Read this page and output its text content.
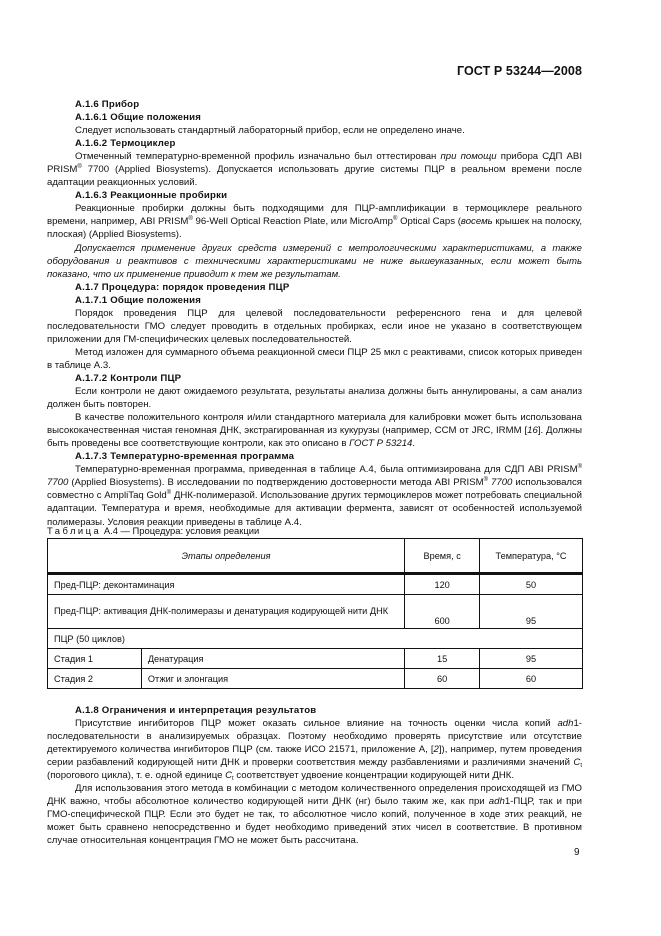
ГОСТ Р 53244—2008
А.1.6 Прибор
А.1.6.1 Общие положения

Следует использовать стандартный лабораторный прибор, если не определено иначе.

А.1.6.2 Термоциклер

Отмеченный температурно-временной профиль изначально был оттестирован при помощи прибора СДП ABI PRISM® 7700 (Applied Biosystems). Допускается использовать другие системы ПЦР в реальном времени после адаптации реакционных условий.

А.1.6.3 Реакционные пробирки

Реакционные пробирки должны быть подходящими для ПЦР-амплификации в термоциклере реального времени, например, ABI PRISM® 96-Well Optical Reaction Plate, или MicroAmp® Optical Caps (восемь крышек на полоску, плоская) (Applied Biosystems).

Допускается применение других средств измерений с метрологическими характеристиками, а также оборудования и реактивов с техническими характеристиками не ниже вышеуказанных, если может быть показано, что их применение приводит к тем же результатам.

А.1.7 Процедура: порядок проведения ПЦР
А.1.7.1 Общие положения

Порядок проведения ПЦР для целевой последовательности референсного гена и для целевой последовательности ГМО следует проводить в отдельных пробирках, если иное не указано в соответствующем приложении для ГМ-специфических целевых последовательностей.

Метод изложен для суммарного объема реакционной смеси ПЦР 25 мкл с реактивами, список которых приведен в таблице А.3.

А.1.7.2 Контроли ПЦР

Если контроли не дают ожидаемого результата, результаты анализа должны быть аннулированы, а сам анализ должен быть повторен.

В качестве положительного контроля и/или стандартного материала для калибровки может быть использована высококачественная чистая геномная ДНК, экстрагированная из кукурузы (например, ССМ от JRC, IRMM [16]. Должны быть проведены все соответствующие контроли, как это описано в ГОСТ Р 53214.

А.1.7.3 Температурно-временная программа

Температурно-временная программа, приведенная в таблице А.4, была оптимизирована для СДП ABI PRISM® 7700 (Applied Biosystems). В исследовании по подтверждению достоверности метода ABI PRISM® 7700 использовался совместно с AmpliTaq Gold® ДНК-полимеразой. Использование других термоциклеров может потребовать специальной адаптации. Температура и время, необходимые для активации фермента, зависят от особенностей используемой полимеразы. Условия реакции приведены в таблице А.4.

Таблица А.4 — Процедура: условия реакции
Этапы определения		Время, с	Температура, °С
Пред-ПЦР: деконтаминация		120	50
Пред-ПЦР: активация ДНК-полимеразы и денатурация кодирующей нити ДНК		600	95
ПЦР (50 циклов)			
Стадия 1	Денатурация	15	95
Стадия 2	Отжиг и элонгация	60	60
А.1.8 Ограничения и интерпретация результатов

Присутствие ингибиторов ПЦР может оказать сильное влияние на точность оценки числа копий adh1-последовательности в анализируемых образцах. Поэтому необходимо проверять присутствие или отсутствие детектируемого количества ингибиторов ПЦР (см. также ИСО 21571, приложение А, [2]), например, путем проведения серии разбавлений кодирующей нити ДНК и проверки соответствия между разбавлениями и различиями значений $C_t$ (порогового цикла), т. е. одной единице $C_t$ соответствует удвоение концентрации кодирующей нити ДНК.

Для использования этого метода в комбинации с методом количественного определения происходящей из ГМО ДНК важно, чтобы абсолютное количество кодирующей нити ДНК (нг) было таким же, как при adh1-ПЦР, так и при ГМО-специфической ПЦР. Если это будет не так, то абсолютное число копий, полученное в ходе этих реакций, не может быть сравнено непосредственно и будет необходимо приведений этих чисел в соответствие. В противном случае относительная концентрация ГМО не может быть рассчитана.

9
